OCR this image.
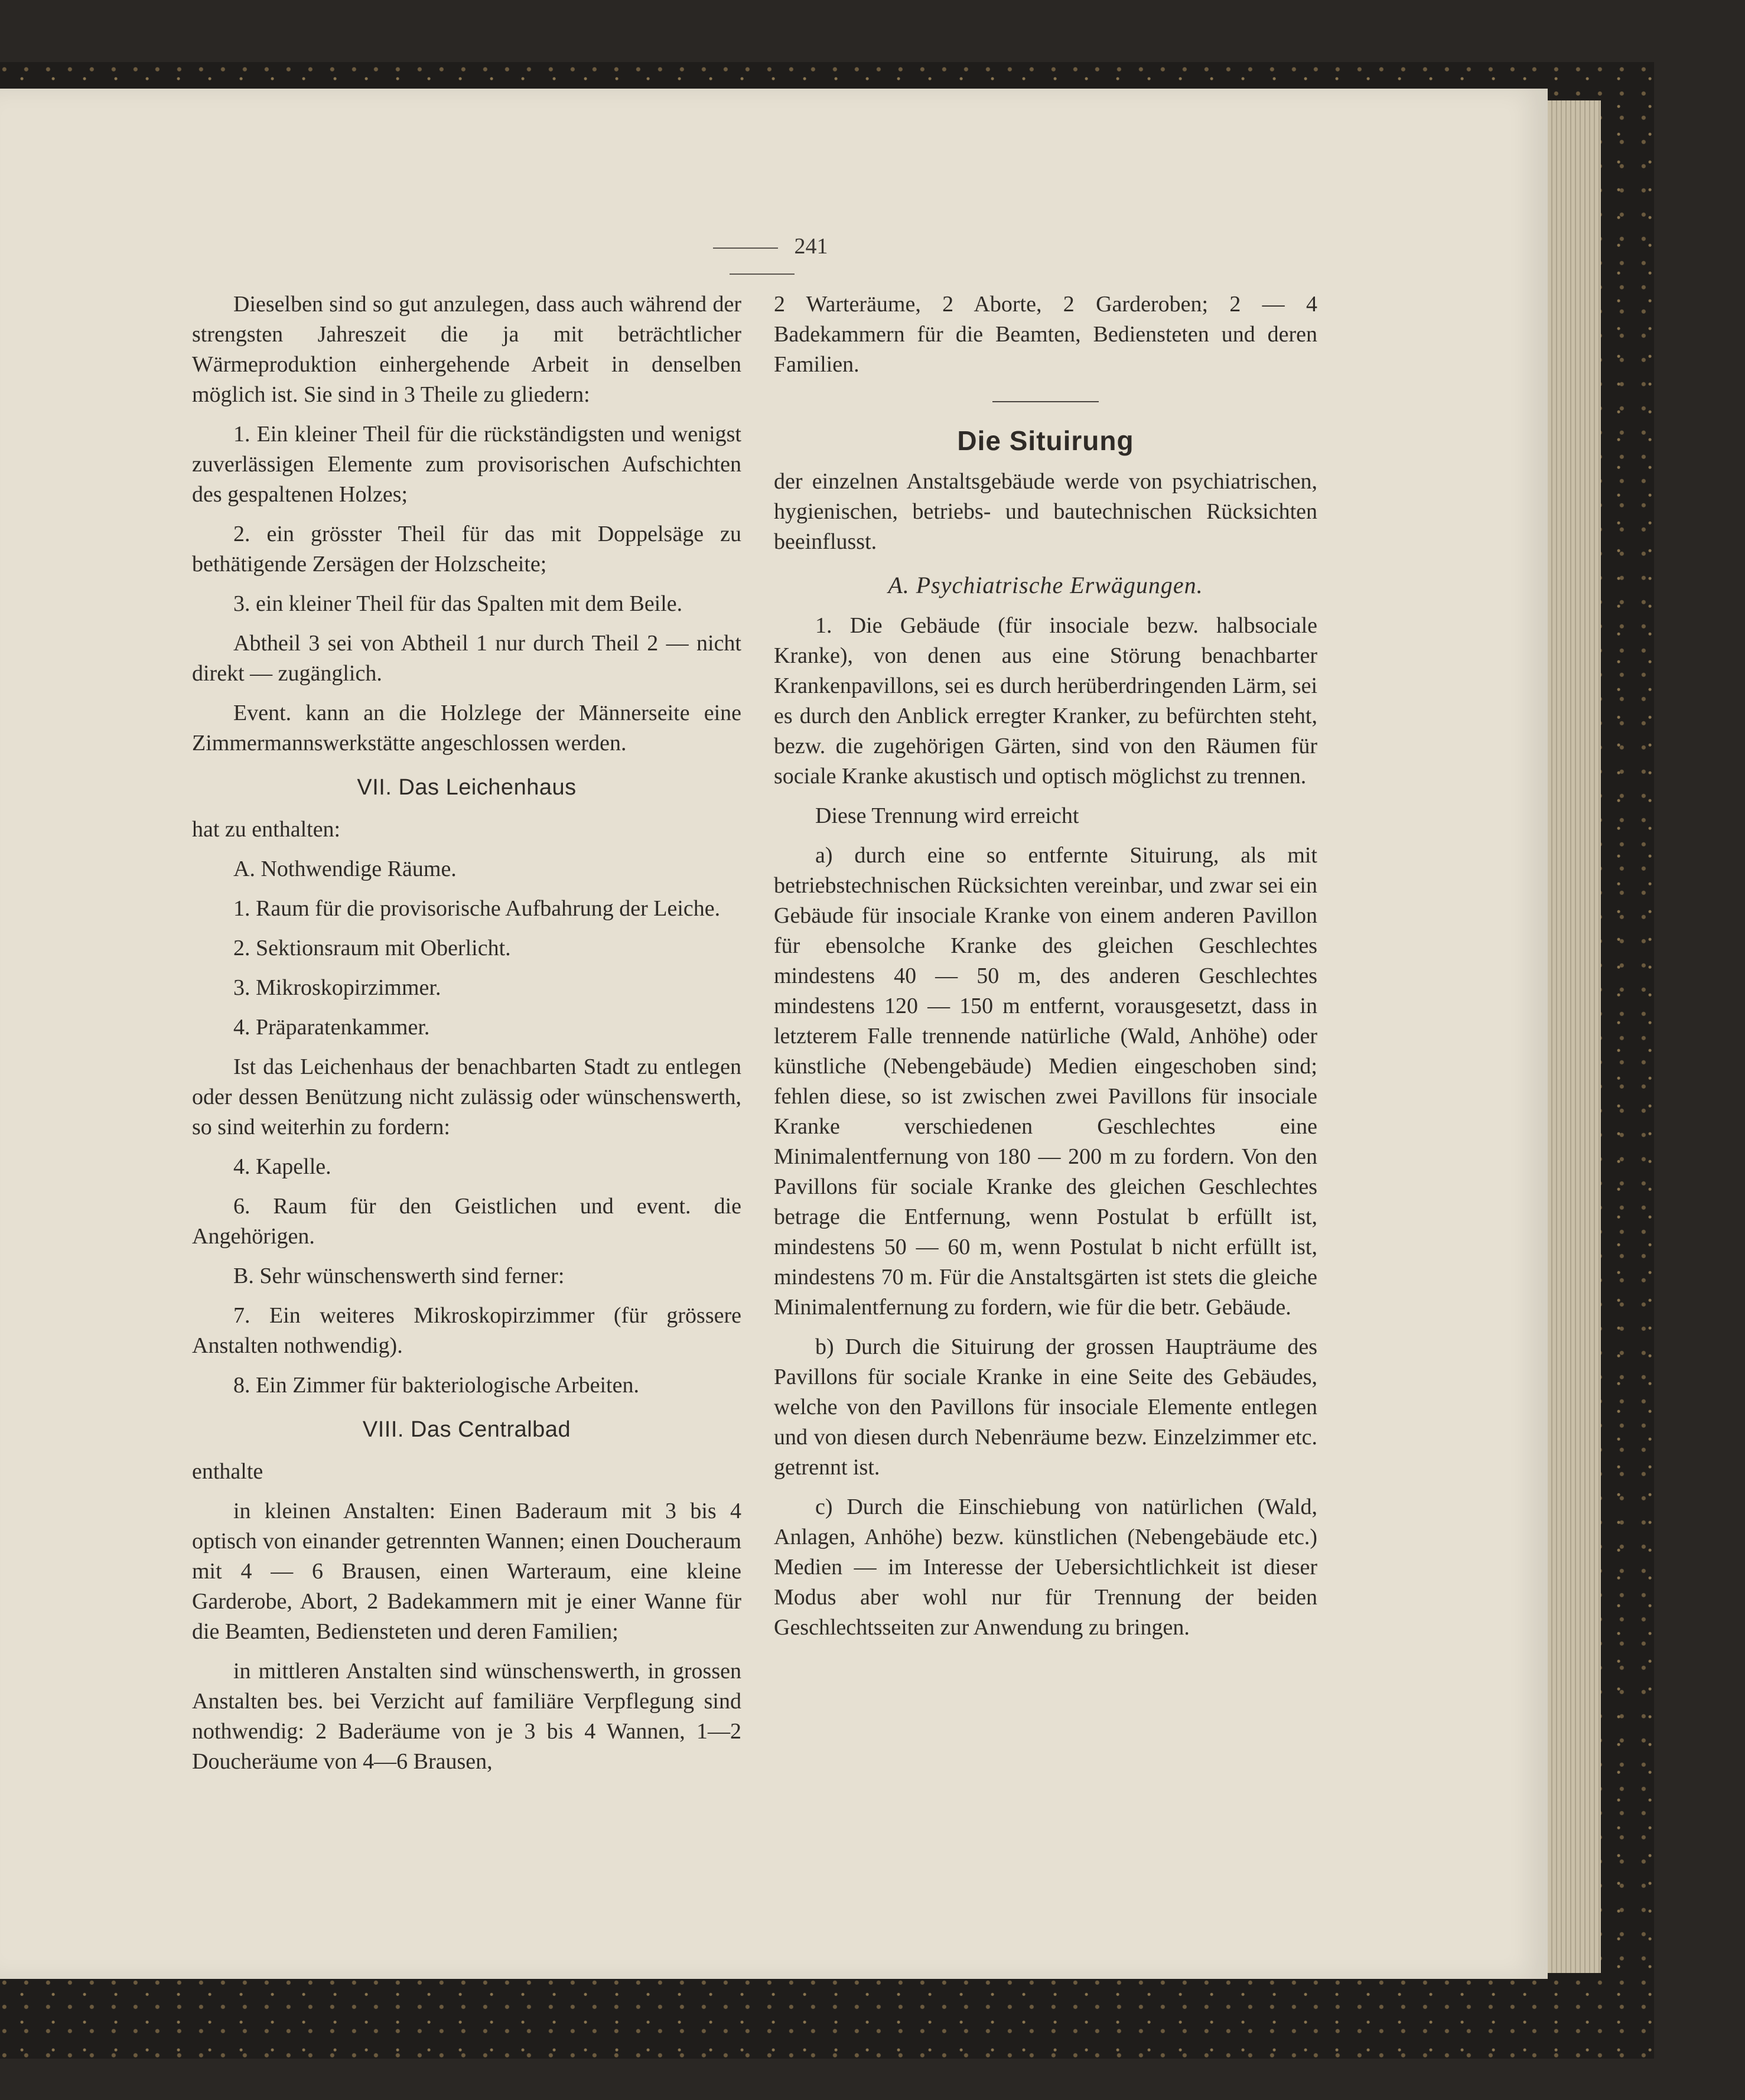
241

Dieselben sind so gut anzulegen, dass auch während der strengsten Jahreszeit die ja mit beträchtlicher Wärmeproduktion einhergehende Arbeit in denselben möglich ist. Sie sind in 3 Theile zu gliedern:

1. Ein kleiner Theil für die rückständigsten und wenigst zuverlässigen Elemente zum provisorischen Aufschichten des gespaltenen Holzes;

2. ein grösster Theil für das mit Doppelsäge zu bethätigende Zersägen der Holzscheite;

3. ein kleiner Theil für das Spalten mit dem Beile.

Abtheil 3 sei von Abtheil 1 nur durch Theil 2 — nicht direkt — zugänglich.

Event. kann an die Holzlege der Männerseite eine Zimmermannswerkstätte angeschlossen werden.

VII. Das Leichenhaus

hat zu enthalten:

A. Nothwendige Räume.

1. Raum für die provisorische Aufbahrung der Leiche.

2. Sektionsraum mit Oberlicht.

3. Mikroskopirzimmer.

4. Präparatenkammer.

Ist das Leichenhaus der benachbarten Stadt zu entlegen oder dessen Benützung nicht zulässig oder wünschenswerth, so sind weiterhin zu fordern:

4. Kapelle.

6. Raum für den Geistlichen und event. die Angehörigen.

B. Sehr wünschenswerth sind ferner:

7. Ein weiteres Mikroskopirzimmer (für grössere Anstalten nothwendig).

8. Ein Zimmer für bakteriologische Arbeiten.

VIII. Das Centralbad

enthalte

in kleinen Anstalten: Einen Baderaum mit 3 bis 4 optisch von einander getrennten Wannen; einen Doucheraum mit 4 — 6 Brausen, einen Warteraum, eine kleine Garderobe, Abort, 2 Badekammern mit je einer Wanne für die Beamten, Bediensteten und deren Familien;

in mittleren Anstalten sind wünschenswerth, in grossen Anstalten bes. bei Verzicht auf familiäre Verpflegung sind nothwendig: 2 Baderäume von je 3 bis 4 Wannen, 1—2 Doucheräume von 4—6 Brausen,

2 Warteräume, 2 Aborte, 2 Garderoben; 2 — 4 Badekammern für die Beamten, Bediensteten und deren Familien.

Die Situirung

der einzelnen Anstaltsgebäude werde von psychiatrischen, hygienischen, betriebs- und bautechnischen Rücksichten beeinflusst.

A. Psychiatrische Erwägungen.

1. Die Gebäude (für insociale bezw. halbsociale Kranke), von denen aus eine Störung benachbarter Krankenpavillons, sei es durch herüberdringenden Lärm, sei es durch den Anblick erregter Kranker, zu befürchten steht, bezw. die zugehörigen Gärten, sind von den Räumen für sociale Kranke akustisch und optisch möglichst zu trennen.

Diese Trennung wird erreicht

a) durch eine so entfernte Situirung, als mit betriebstechnischen Rücksichten vereinbar, und zwar sei ein Gebäude für insociale Kranke von einem anderen Pavillon für ebensolche Kranke des gleichen Geschlechtes mindestens 40 — 50 m, des anderen Geschlechtes mindestens 120 — 150 m entfernt, vorausgesetzt, dass in letzterem Falle trennende natürliche (Wald, Anhöhe) oder künstliche (Nebengebäude) Medien eingeschoben sind; fehlen diese, so ist zwischen zwei Pavillons für insociale Kranke verschiedenen Geschlechtes eine Minimalentfernung von 180 — 200 m zu fordern. Von den Pavillons für sociale Kranke des gleichen Geschlechtes betrage die Entfernung, wenn Postulat b erfüllt ist, mindestens 50 — 60 m, wenn Postulat b nicht erfüllt ist, mindestens 70 m. Für die Anstaltsgärten ist stets die gleiche Minimalentfernung zu fordern, wie für die betr. Gebäude.

b) Durch die Situirung der grossen Haupträume des Pavillons für sociale Kranke in eine Seite des Gebäudes, welche von den Pavillons für insociale Elemente entlegen und von diesen durch Nebenräume bezw. Einzelzimmer etc. getrennt ist.

c) Durch die Einschiebung von natürlichen (Wald, Anlagen, Anhöhe) bezw. künstlichen (Nebengebäude etc.) Medien — im Interesse der Uebersichtlichkeit ist dieser Modus aber wohl nur für Trennung der beiden Geschlechtsseiten zur Anwendung zu bringen.
